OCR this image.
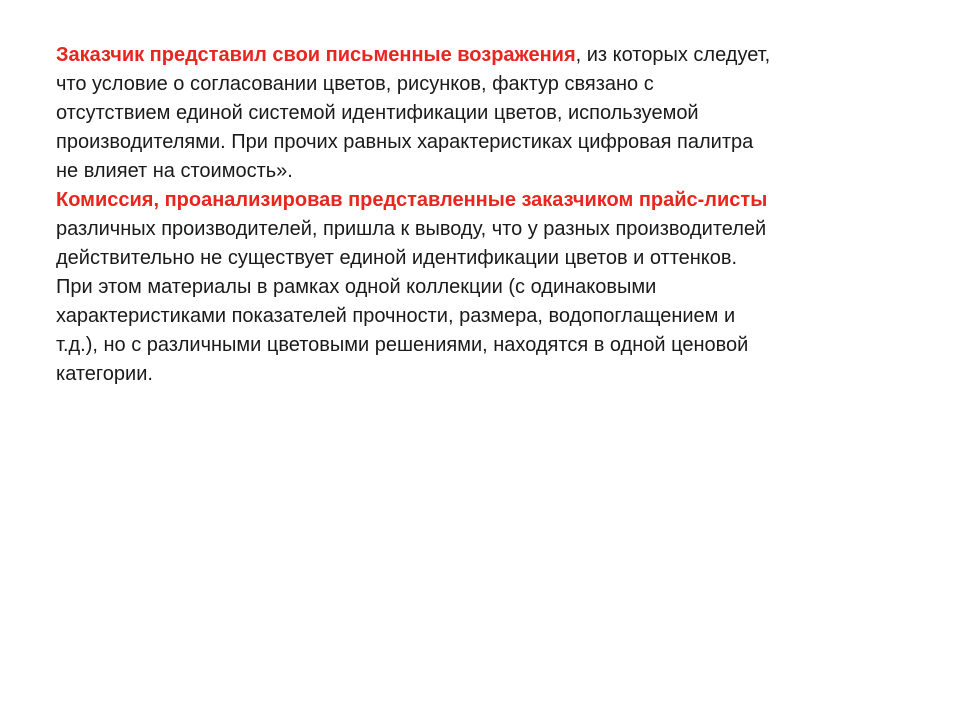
Заказчик представил свои письменные возражения, из которых следует,
что условие о согласовании цветов, рисунков, фактур связано с
отсутствием единой системой идентификации цветов, используемой
производителями. При прочих равных характеристиках цифровая палитра
не влияет на стоимость».

Комиссия, проанализировав представленные заказчиком прайс-листы
различных производителей, пришла к выводу, что у разных производителей
действительно не существует единой идентификации цветов и оттенков.
При этом материалы в рамках одной коллекции (с одинаковыми
характеристиками показателей прочности, размера, водопоглащением и
т.д.), но с различными цветовыми решениями, находятся в одной ценовой
категории.
